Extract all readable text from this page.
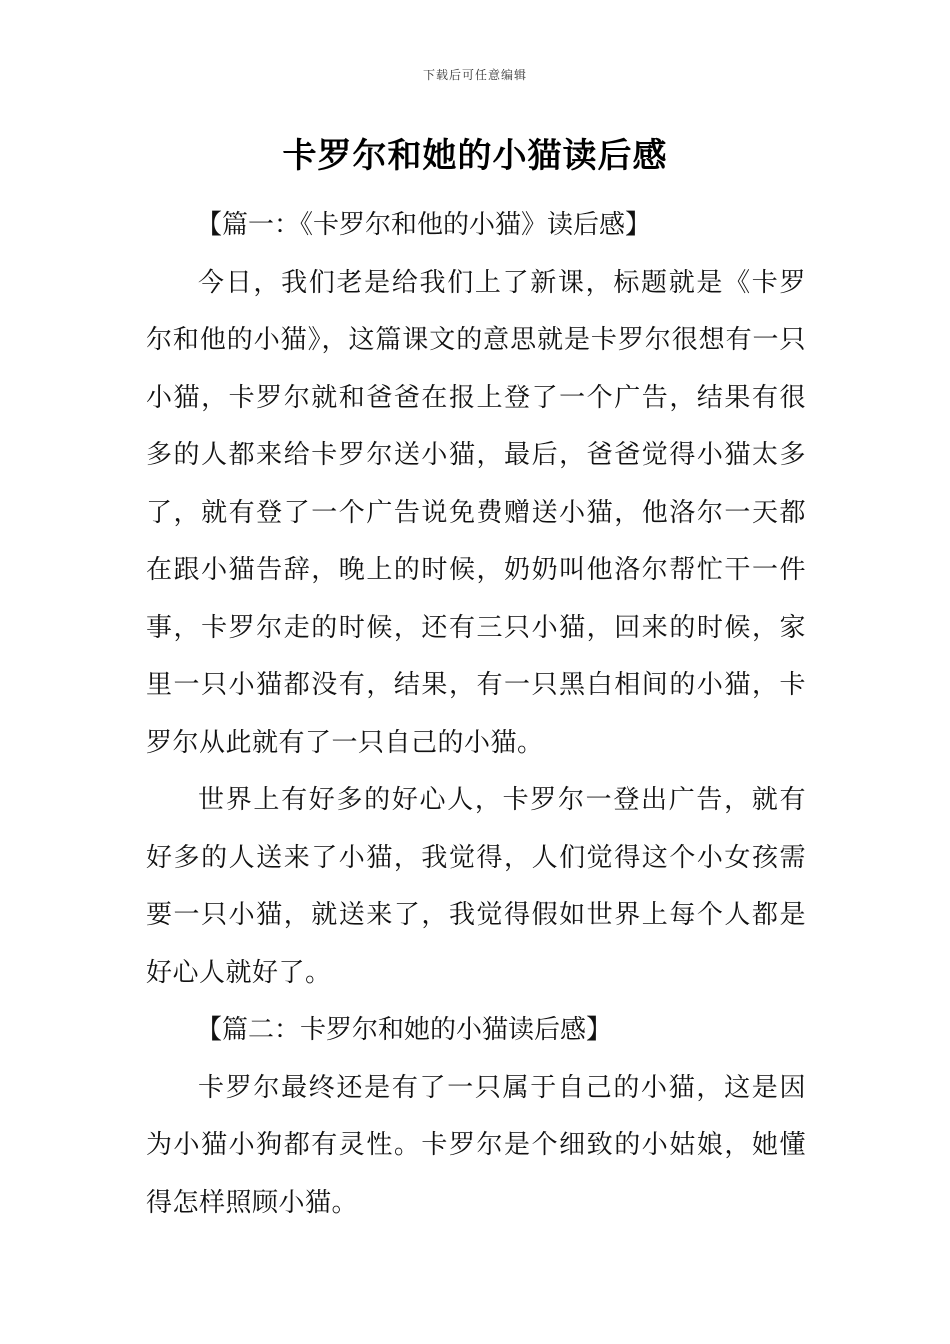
下载后可任意编辑
卡罗尔和她的小猫读后感

【篇一：《卡罗尔和他的小猫》读后感】

今日，我们老是给我们上了新课，标题就是《卡罗尔和他的小猫》，这篇课文的意思就是卡罗尔很想有一只小猫，卡罗尔就和爸爸在报上登了一个广告，结果有很多的人都来给卡罗尔送小猫，最后，爸爸觉得小猫太多了，就有登了一个广告说免费赠送小猫，他洛尔一天都在跟小猫告辞，晚上的时候，奶奶叫他洛尔帮忙干一件事，卡罗尔走的时候，还有三只小猫，回来的时候，家里一只小猫都没有，结果，有一只黑白相间的小猫，卡罗尔从此就有了一只自己的小猫。

世界上有好多的好心人，卡罗尔一登出广告，就有好多的人送来了小猫，我觉得，人们觉得这个小女孩需要一只小猫，就送来了，我觉得假如世界上每个人都是好心人就好了。

【篇二：卡罗尔和她的小猫读后感】

卡罗尔最终还是有了一只属于自己的小猫，这是因为小猫小狗都有灵性。卡罗尔是个细致的小姑娘，她懂得怎样照顾小猫。
